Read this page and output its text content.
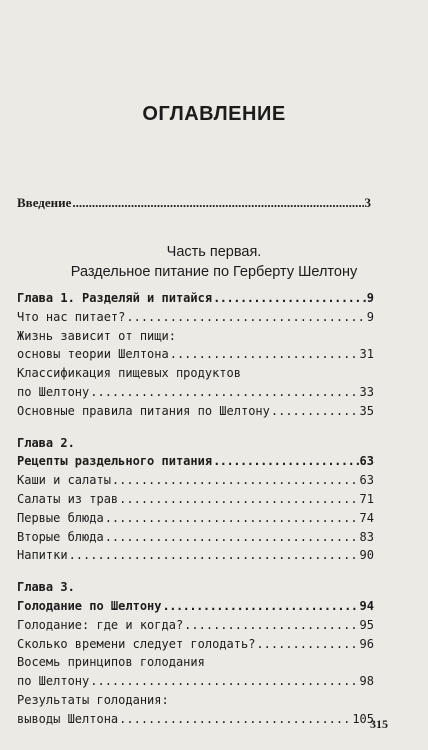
ОГЛАВЛЕНИЕ
Введение .....	3
Часть первая.
Раздельное питание по Герберту Шелтону
Глава 1. Разделяй и питайся .....	9
Что нас питает? .....	9
Жизнь зависит от пищи:
основы теории Шелтона .....	31
Классификация пищевых продуктов
по Шелтону .....	33
Основные правила питания по Шелтону .....	35
Глава 2.
Рецепты раздельного питания .....	63
Каши и салаты .....	63
Салаты из трав .....	71
Первые блюда .....	74
Вторые блюда .....	83
Напитки .....	90
Глава 3.
Голодание по Шелтону .....	94
Голодание: где и когда? .....	95
Сколько времени следует голодать? .....	96
Восемь принципов голодания
по Шелтону .....	98
Результаты голодания:
выводы Шелтона .....	105
315
